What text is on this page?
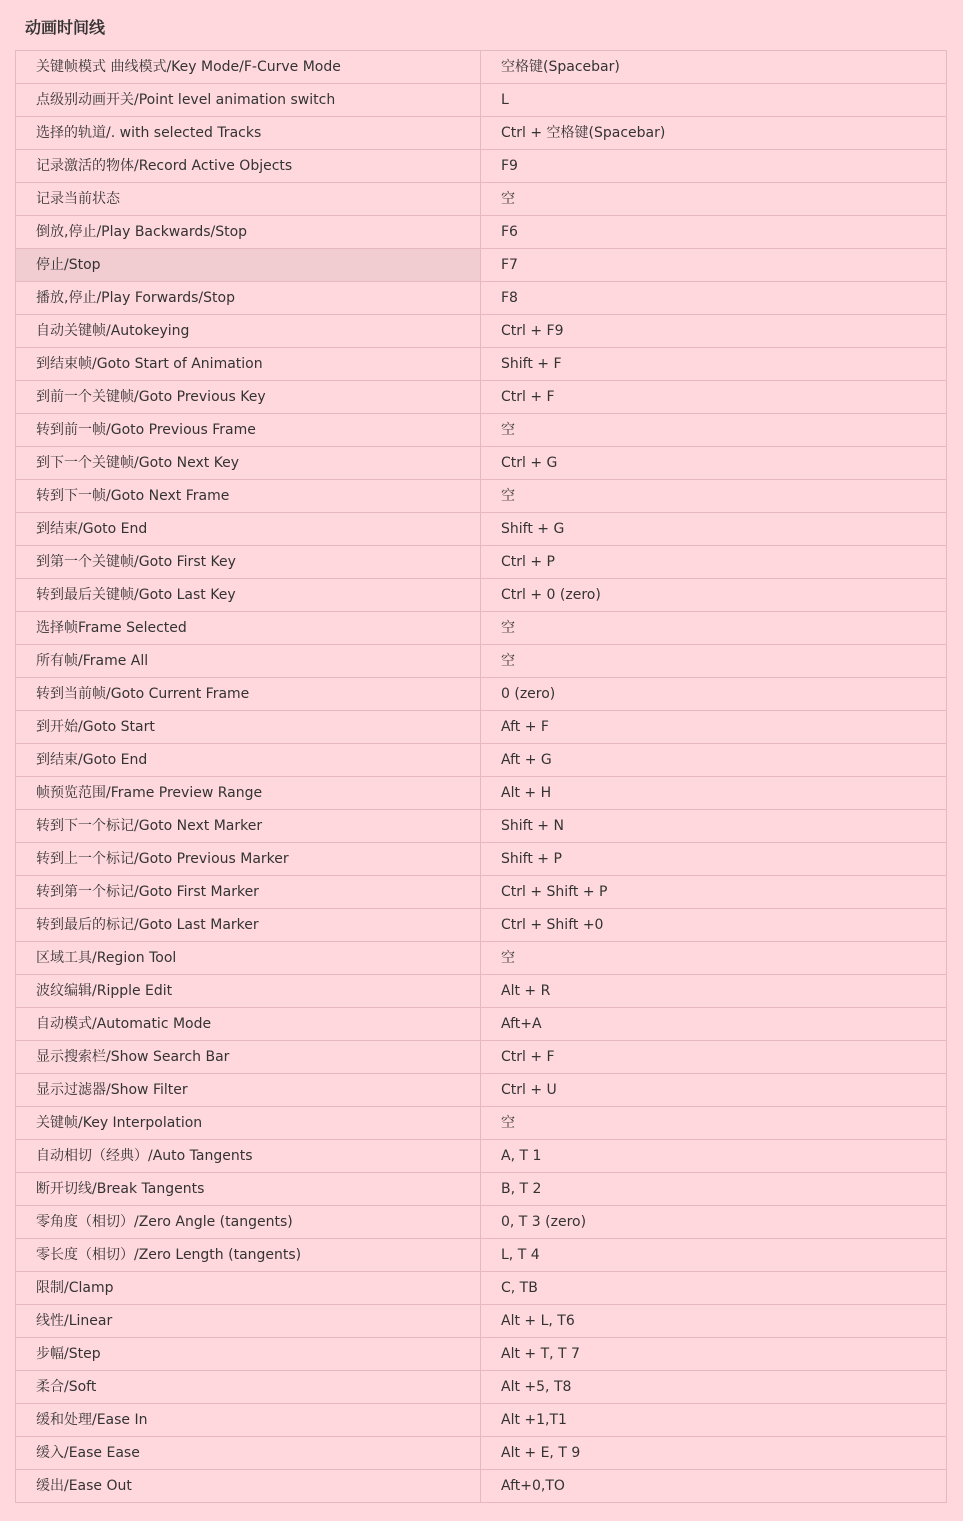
动画时间线
关键帧模式 曲线模式/Key Mode/F-Curve Mode	空格键(Spacebar)
点级别动画开关/Point level animation switch	L
选择的轨道/. with selected Tracks	Ctrl + 空格键(Spacebar)
记录激活的物体/Record Active Objects	F9
记录当前状态	空
倒放,停止/Play Backwards/Stop	F6
停止/Stop	F7
播放,停止/Play Forwards/Stop	F8
自动关键帧/Autokeying	Ctrl + F9
到结束帧/Goto Start of Animation	Shift + F
到前一个关键帧/Goto Previous Key	Ctrl + F
转到前一帧/Goto Previous Frame	空
到下一个关键帧/Goto Next Key	Ctrl + G
转到下一帧/Goto Next Frame	空
到结束/Goto End	Shift + G
到第一个关键帧/Goto First Key	Ctrl + P
转到最后关键帧/Goto Last Key	Ctrl + 0 (zero)
选择帧Frame Selected	空
所有帧/Frame All	空
转到当前帧/Goto Current Frame	0 (zero)
到开始/Goto Start	Aft + F
到结束/Goto End	Aft + G
帧预览范围/Frame Preview Range	Alt + H
转到下一个标记/Goto Next Marker	Shift + N
转到上一个标记/Goto Previous Marker	Shift + P
转到第一个标记/Goto First Marker	Ctrl + Shift + P
转到最后的标记/Goto Last Marker	Ctrl + Shift +0
区域工具/Region Tool	空
波纹编辑/Ripple Edit	Alt + R
自动模式/Automatic Mode	Aft+A
显示搜索栏/Show Search Bar	Ctrl + F
显示过滤器/Show Filter	Ctrl + U
关键帧/Key Interpolation	空
自动相切（经典）/Auto Tangents	A, T 1
断开切线/Break Tangents	B, T 2
零角度（相切）/Zero Angle (tangents)	0, T 3 (zero)
零长度（相切）/Zero Length (tangents)	L, T 4
限制/Clamp	C, TB
线性/Linear	Alt + L, T6
步幅/Step	Alt + T, T 7
柔合/Soft	Alt +5, T8
缓和处理/Ease In	Alt +1,T1
缓入/Ease Ease	Alt + E, T 9
缓出/Ease Out	Aft+0,TO
